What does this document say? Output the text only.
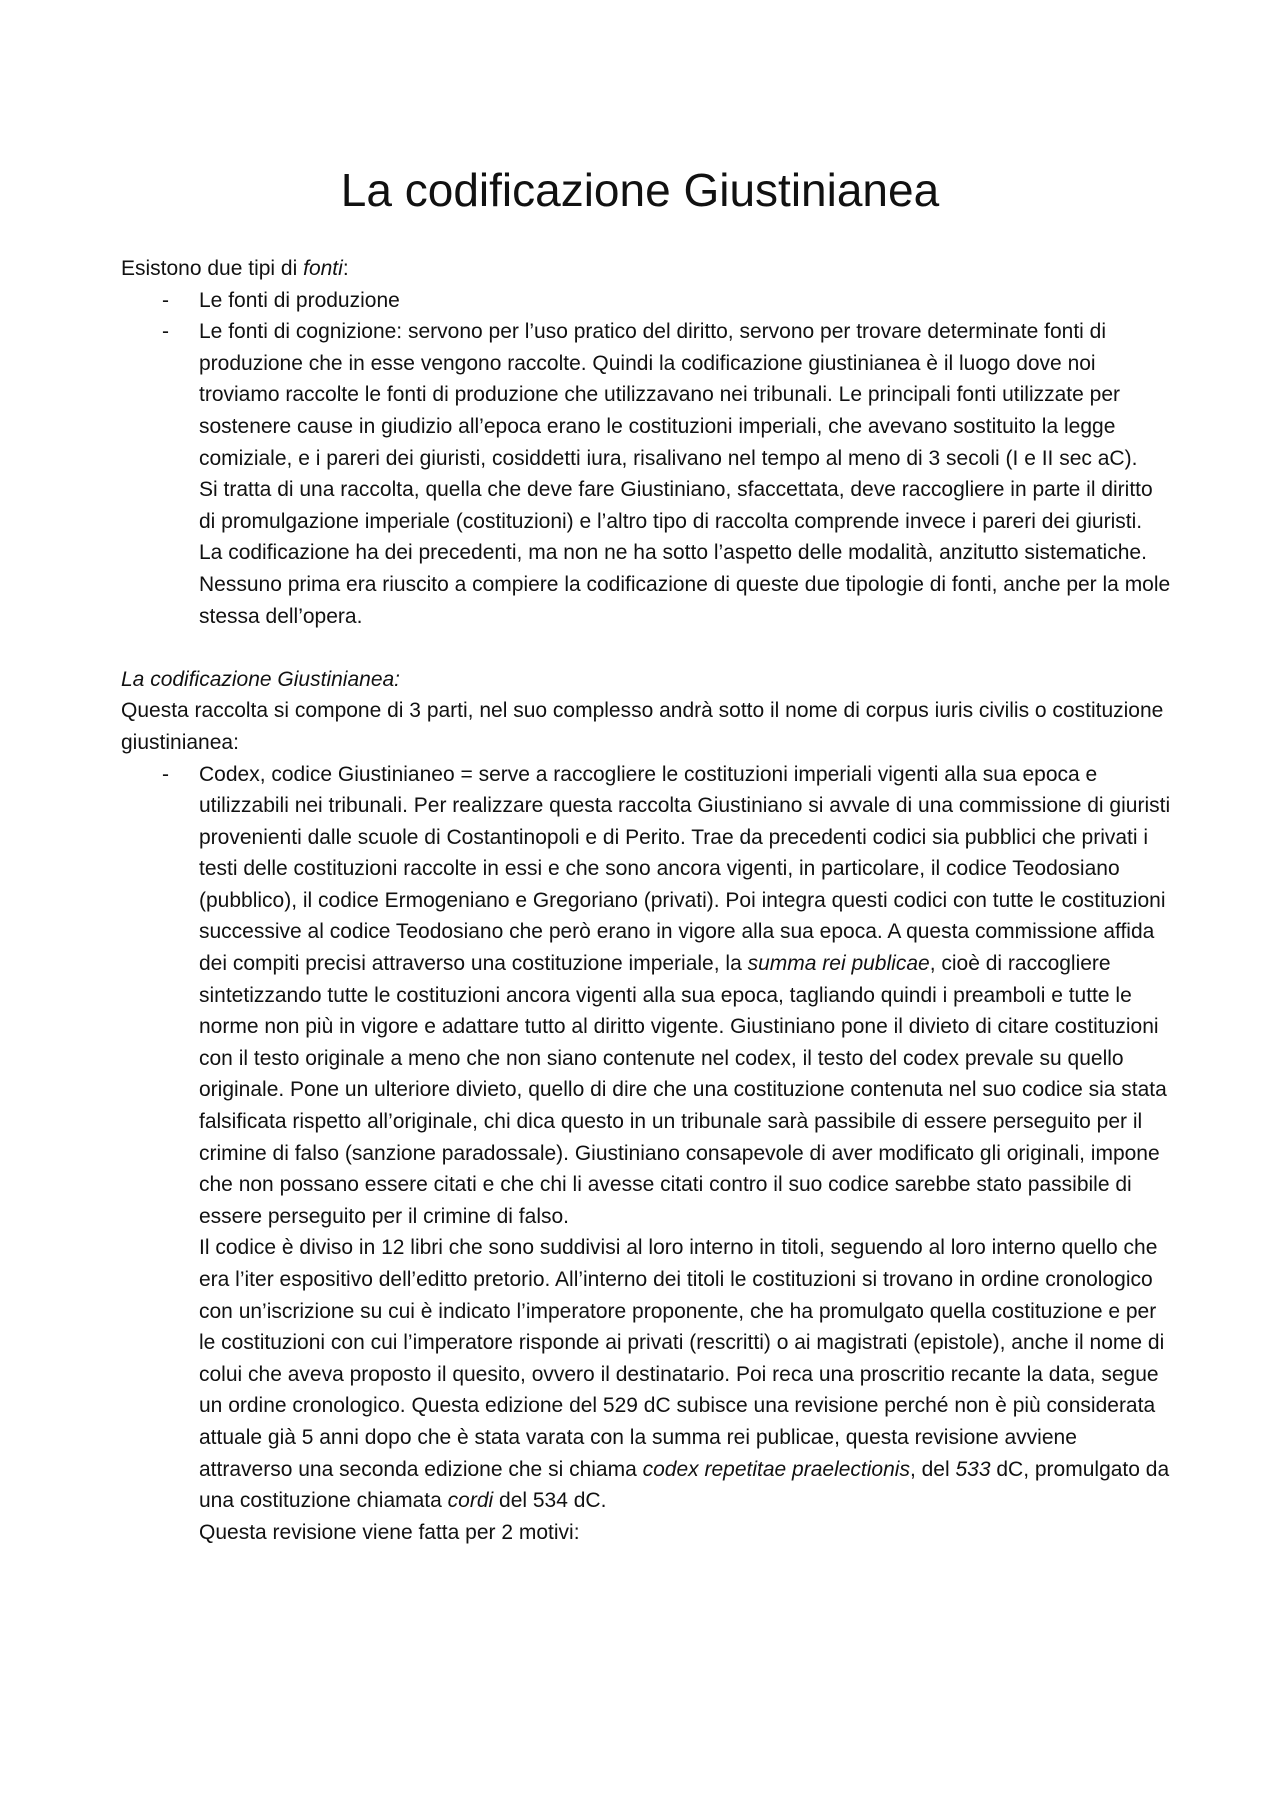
La codificazione Giustinianea

Esistono due tipi di fonti:

- Le fonti di produzione
- Le fonti di cognizione: servono per l’uso pratico del diritto, servono per trovare determinate fonti di produzione che in esse vengono raccolte. Quindi la codificazione giustinianea è il luogo dove noi troviamo raccolte le fonti di produzione che utilizzavano nei tribunali. Le principali fonti utilizzate per sostenere cause in giudizio all’epoca erano le costituzioni imperiali, che avevano sostituito la legge comiziale, e i pareri dei giuristi, cosiddetti iura, risalivano nel tempo al meno di 3 secoli (I e II sec aC).
Si tratta di una raccolta, quella che deve fare Giustiniano, sfaccettata, deve raccogliere in parte il diritto di promulgazione imperiale (costituzioni) e l’altro tipo di raccolta comprende invece i pareri dei giuristi. La codificazione ha dei precedenti, ma non ne ha sotto l’aspetto delle modalità, anzitutto sistematiche. Nessuno prima era riuscito a compiere la codificazione di queste due tipologie di fonti, anche per la mole stessa dell’opera.

La codificazione Giustinianea:

Questa raccolta si compone di 3 parti, nel suo complesso andrà sotto il nome di corpus iuris civilis o costituzione giustinianea:

- Codex, codice Giustinianeo = serve a raccogliere le costituzioni imperiali vigenti alla sua epoca e utilizzabili nei tribunali. Per realizzare questa raccolta Giustiniano si avvale di una commissione di giuristi provenienti dalle scuole di Costantinopoli e di Perito. Trae da precedenti codici sia pubblici che privati i testi delle costituzioni raccolte in essi e che sono ancora vigenti, in particolare, il codice Teodosiano (pubblico), il codice Ermogeniano e Gregoriano (privati). Poi integra questi codici con tutte le costituzioni successive al codice Teodosiano che però erano in vigore alla sua epoca. A questa commissione affida dei compiti precisi attraverso una costituzione imperiale, la summa rei publicae, cioè di raccogliere sintetizzando tutte le costituzioni ancora vigenti alla sua epoca, tagliando quindi i preamboli e tutte le norme non più in vigore e adattare tutto al diritto vigente. Giustiniano pone il divieto di citare costituzioni con il testo originale a meno che non siano contenute nel codex, il testo del codex prevale su quello originale. Pone un ulteriore divieto, quello di dire che una costituzione contenuta nel suo codice sia stata falsificata rispetto all’originale, chi dica questo in un tribunale sarà passibile di essere perseguito per il crimine di falso (sanzione paradossale). Giustiniano consapevole di aver modificato gli originali, impone che non possano essere citati e che chi li avesse citati contro il suo codice sarebbe stato passibile di essere perseguito per il crimine di falso.
Il codice è diviso in 12 libri che sono suddivisi al loro interno in titoli, seguendo al loro interno quello che era l’iter espositivo dell’editto pretorio. All’interno dei titoli le costituzioni si trovano in ordine cronologico con un’iscrizione su cui è indicato l’imperatore proponente, che ha promulgato quella costituzione e per le costituzioni con cui l’imperatore risponde ai privati (rescritti) o ai magistrati (epistole), anche il nome di colui che aveva proposto il quesito, ovvero il destinatario. Poi reca una proscritio recante la data, segue un ordine cronologico. Questa edizione del 529 dC subisce una revisione perché non è più considerata attuale già 5 anni dopo che è stata varata con la summa rei publicae, questa revisione avviene attraverso una seconda edizione che si chiama codex repetitae praelectionis, del 533 dC, promulgato da una costituzione chiamata cordi del 534 dC.
Questa revisione viene fatta per 2 motivi:
